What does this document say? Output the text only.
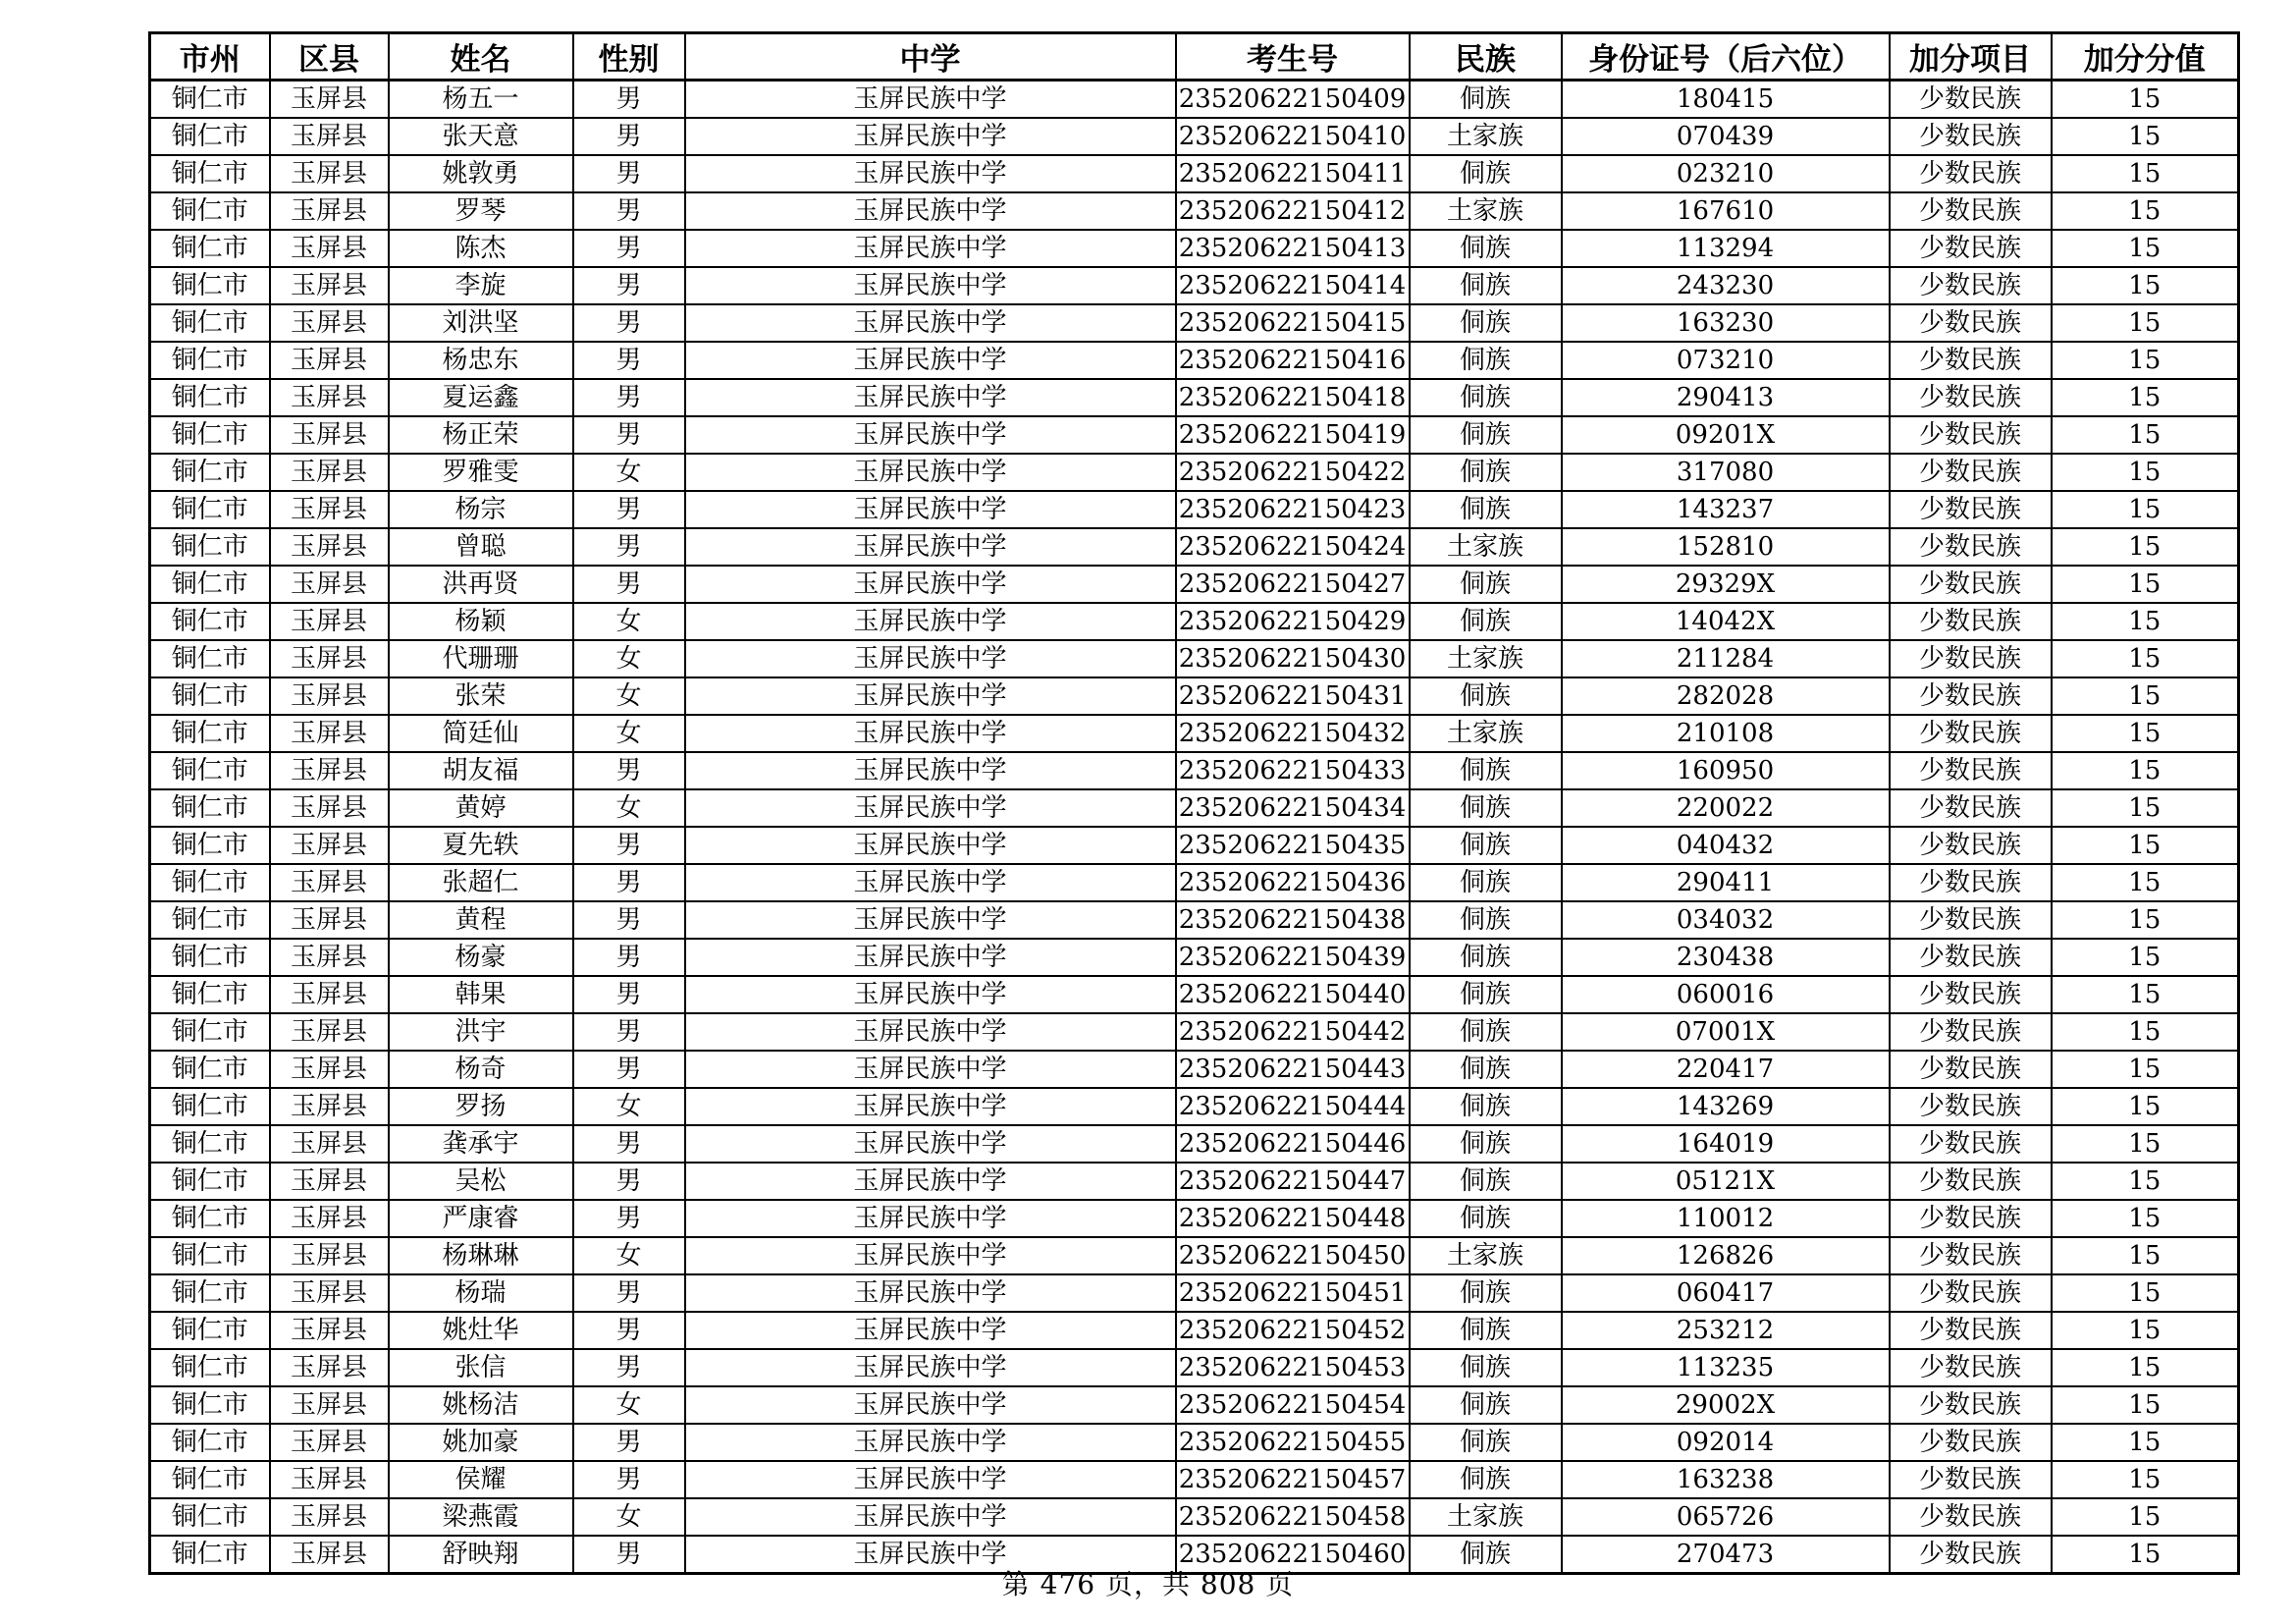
市州	区县	姓名	性别	中学	考生号	民族	身份证号（后六位）	加分项目	加分分值
铜仁市	玉屏县	杨五一	男	玉屏民族中学	23520622150409	侗族	180415	少数民族	15
铜仁市	玉屏县	张天意	男	玉屏民族中学	23520622150410	土家族	070439	少数民族	15
铜仁市	玉屏县	姚敦勇	男	玉屏民族中学	23520622150411	侗族	023210	少数民族	15
铜仁市	玉屏县	罗琴	男	玉屏民族中学	23520622150412	土家族	167610	少数民族	15
铜仁市	玉屏县	陈杰	男	玉屏民族中学	23520622150413	侗族	113294	少数民族	15
铜仁市	玉屏县	李旋	男	玉屏民族中学	23520622150414	侗族	243230	少数民族	15
铜仁市	玉屏县	刘洪坚	男	玉屏民族中学	23520622150415	侗族	163230	少数民族	15
铜仁市	玉屏县	杨忠东	男	玉屏民族中学	23520622150416	侗族	073210	少数民族	15
铜仁市	玉屏县	夏运鑫	男	玉屏民族中学	23520622150418	侗族	290413	少数民族	15
铜仁市	玉屏县	杨正荣	男	玉屏民族中学	23520622150419	侗族	09201X	少数民族	15
铜仁市	玉屏县	罗雅雯	女	玉屏民族中学	23520622150422	侗族	317080	少数民族	15
铜仁市	玉屏县	杨宗	男	玉屏民族中学	23520622150423	侗族	143237	少数民族	15
铜仁市	玉屏县	曾聪	男	玉屏民族中学	23520622150424	土家族	152810	少数民族	15
铜仁市	玉屏县	洪再贤	男	玉屏民族中学	23520622150427	侗族	29329X	少数民族	15
铜仁市	玉屏县	杨颖	女	玉屏民族中学	23520622150429	侗族	14042X	少数民族	15
铜仁市	玉屏县	代珊珊	女	玉屏民族中学	23520622150430	土家族	211284	少数民族	15
铜仁市	玉屏县	张荣	女	玉屏民族中学	23520622150431	侗族	282028	少数民族	15
铜仁市	玉屏县	简廷仙	女	玉屏民族中学	23520622150432	土家族	210108	少数民族	15
铜仁市	玉屏县	胡友福	男	玉屏民族中学	23520622150433	侗族	160950	少数民族	15
铜仁市	玉屏县	黄婷	女	玉屏民族中学	23520622150434	侗族	220022	少数民族	15
铜仁市	玉屏县	夏先轶	男	玉屏民族中学	23520622150435	侗族	040432	少数民族	15
铜仁市	玉屏县	张超仁	男	玉屏民族中学	23520622150436	侗族	290411	少数民族	15
铜仁市	玉屏县	黄程	男	玉屏民族中学	23520622150438	侗族	034032	少数民族	15
铜仁市	玉屏县	杨豪	男	玉屏民族中学	23520622150439	侗族	230438	少数民族	15
铜仁市	玉屏县	韩果	男	玉屏民族中学	23520622150440	侗族	060016	少数民族	15
铜仁市	玉屏县	洪宇	男	玉屏民族中学	23520622150442	侗族	07001X	少数民族	15
铜仁市	玉屏县	杨奇	男	玉屏民族中学	23520622150443	侗族	220417	少数民族	15
铜仁市	玉屏县	罗扬	女	玉屏民族中学	23520622150444	侗族	143269	少数民族	15
铜仁市	玉屏县	龚承宇	男	玉屏民族中学	23520622150446	侗族	164019	少数民族	15
铜仁市	玉屏县	吴松	男	玉屏民族中学	23520622150447	侗族	05121X	少数民族	15
铜仁市	玉屏县	严康睿	男	玉屏民族中学	23520622150448	侗族	110012	少数民族	15
铜仁市	玉屏县	杨琳琳	女	玉屏民族中学	23520622150450	土家族	126826	少数民族	15
铜仁市	玉屏县	杨瑞	男	玉屏民族中学	23520622150451	侗族	060417	少数民族	15
铜仁市	玉屏县	姚灶华	男	玉屏民族中学	23520622150452	侗族	253212	少数民族	15
铜仁市	玉屏县	张信	男	玉屏民族中学	23520622150453	侗族	113235	少数民族	15
铜仁市	玉屏县	姚杨洁	女	玉屏民族中学	23520622150454	侗族	29002X	少数民族	15
铜仁市	玉屏县	姚加豪	男	玉屏民族中学	23520622150455	侗族	092014	少数民族	15
铜仁市	玉屏县	侯耀	男	玉屏民族中学	23520622150457	侗族	163238	少数民族	15
铜仁市	玉屏县	梁燕霞	女	玉屏民族中学	23520622150458	土家族	065726	少数民族	15
铜仁市	玉屏县	舒映翔	男	玉屏民族中学	23520622150460	侗族	270473	少数民族	15
第 476 页，共 808 页
